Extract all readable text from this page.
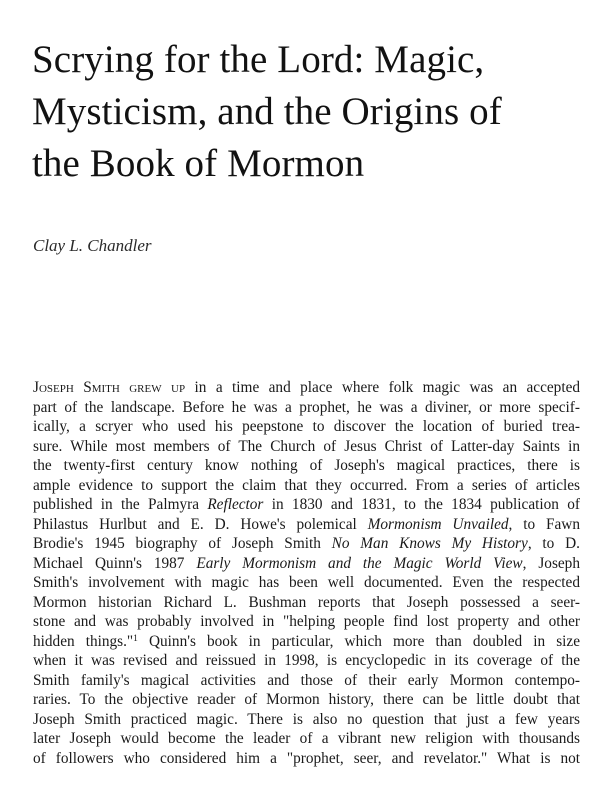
Scrying for the Lord: Magic,
Mysticism, and the Origins of
the Book of Mormon

Clay L. Chandler

Joseph Smith grew up in a time and place where folk magic was an accepted
part of the landscape. Before he was a prophet, he was a diviner, or more specif-
ically, a scryer who used his peepstone to discover the location of buried trea-
sure. While most members of The Church of Jesus Christ of Latter-day Saints in
the twenty-first century know nothing of Joseph's magical practices, there is
ample evidence to support the claim that they occurred. From a series of articles
published in the Palmyra Reflector in 1830 and 1831, to the 1834 publication of
Philastus Hurlbut and E. D. Howe's polemical Mormonism Unvailed, to Fawn
Brodie's 1945 biography of Joseph Smith No Man Knows My History, to D.
Michael Quinn's 1987 Early Mormonism and the Magic World View, Joseph
Smith's involvement with magic has been well documented. Even the respected
Mormon historian Richard L. Bushman reports that Joseph possessed a seer-
stone and was probably involved in "helping people find lost property and other
hidden things."$^1$ Quinn's book in particular, which more than doubled in size
when it was revised and reissued in 1998, is encyclopedic in its coverage of the
Smith family's magical activities and those of their early Mormon contempo-
raries. To the objective reader of Mormon history, there can be little doubt that
Joseph Smith practiced magic. There is also no question that just a few years
later Joseph would become the leader of a vibrant new religion with thousands
of followers who considered him a "prophet, seer, and revelator." What is not
